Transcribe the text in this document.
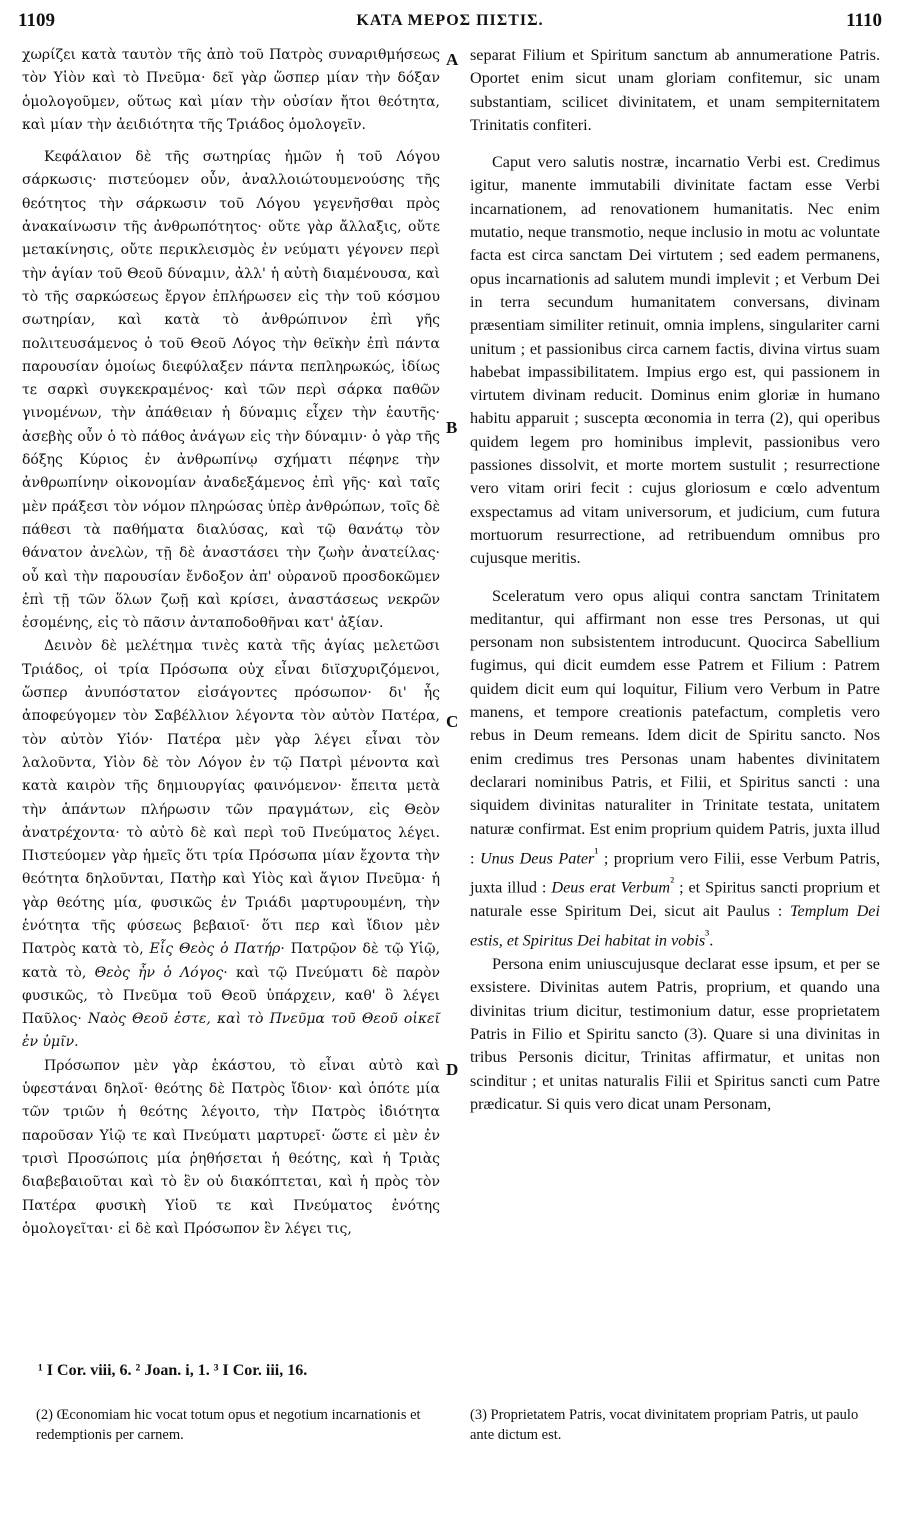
1109	ΚΑΤΑ ΜΕΡΟΣ ΠΙΣΤΙΣ.	1110

χωρίζει κατὰ ταυτὸν τῆς ἀπὸ τοῦ Πατρὸς συναριθμήσεως τὸν Υἱὸν καὶ τὸ Πνεῦμα· δεῖ γὰρ ὥσπερ μίαν τὴν δόξαν ὁμολογοῦμεν, οὕτως καὶ μίαν τὴν οὐσίαν ἤτοι θεότητα, καὶ μίαν τὴν ἀειδιότητα τῆς Τριάδος ὁμολογεῖν.

Κεφάλαιον δὲ τῆς σωτηρίας ἡμῶν ἡ τοῦ Λόγου σάρκωσις· πιστεύομεν οὖν, ἀναλλοιώτουμενούσης τῆς θεότητος τὴν σάρκωσιν τοῦ Λόγου γεγενῆσθαι πρὸς ἀνακαίνωσιν τῆς ἀνθρωπότητος· οὔτε γὰρ ἄλλαξις, οὔτε μετακίνησις, οὔτε περικλεισμὸς ἐν νεύματι γέγονεν περὶ τὴν ἁγίαν τοῦ Θεοῦ δύναμιν, ἀλλ' ἡ αὐτὴ διαμένουσα, καὶ τὸ τῆς σαρκώσεως ἔργον ἐπλήρωσεν εἰς τὴν τοῦ κόσμου σωτηρίαν, καὶ κατὰ τὸ ἀνθρώπινον ἐπὶ γῆς πολιτευσάμενος ὁ τοῦ Θεοῦ Λόγος τὴν θεϊκὴν ἐπὶ πάντα παρουσίαν ὁμοίως διεφύλαξεν πάντα πεπληρωκώς, ἰδίως τε σαρκὶ συγκεκραμένος· καὶ τῶν περὶ σάρκα παθῶν γινομένων, τὴν ἀπάθειαν ἡ δύναμις εἶχεν τὴν ἑαυτῆς· ἀσεβὴς οὖν ὁ τὸ πάθος ἀνάγων εἰς τὴν δύναμιν· ὁ γὰρ τῆς δόξης Κύριος ἐν ἀνθρωπίνῳ σχήματι πέφηνε τὴν ἀνθρωπίνην οἰκονομίαν ἀναδεξάμενος ἐπὶ γῆς· καὶ ταῖς μὲν πράξεσι τὸν νόμον πληρώσας ὑπὲρ ἀνθρώπων, τοῖς δὲ πάθεσι τὰ παθήματα διαλύσας, καὶ τῷ θανάτῳ τὸν θάνατον ἀνελὼν, τῇ δὲ ἀναστάσει τὴν ζωὴν ἀνατείλας· οὗ καὶ τὴν παρουσίαν ἔνδοξον ἀπ' οὐρανοῦ προσδοκῶμεν ἐπὶ τῇ τῶν ὅλων ζωῇ καὶ κρίσει, ἀναστάσεως νεκρῶν ἐσομένης, εἰς τὸ πᾶσιν ἀνταποδοθῆναι κατ' ἀξίαν.

Δεινὸν δὲ μελέτημα τινὲς κατὰ τῆς ἁγίας μελετῶσι Τριάδος, οἱ τρία Πρόσωπα οὐχ εἶναι διϊσχυριζόμενοι, ὥσπερ ἀνυπόστατον εἰσάγοντες πρόσωπον· δι' ἧς ἀποφεύγομεν τὸν Σαβέλλιον λέγοντα τὸν αὐτὸν Πατέρα, τὸν αὐτὸν Υἱόν· Πατέρα μὲν γὰρ λέγει εἶναι τὸν λαλοῦντα, Υἱὸν δὲ τὸν Λόγον ἐν τῷ Πατρὶ μένοντα καὶ κατὰ καιρὸν τῆς δημιουργίας φαινόμενον· ἔπειτα μετὰ τὴν ἁπάντων πλήρωσιν τῶν πραγμάτων, εἰς Θεὸν ἀνατρέχοντα· τὸ αὐτὸ δὲ καὶ περὶ τοῦ Πνεύματος λέγει. Πιστεύομεν γὰρ ἡμεῖς ὅτι τρία Πρόσωπα μίαν ἔχοντα τὴν θεότητα δηλοῦνται, Πατὴρ καὶ Υἱὸς καὶ ἅγιον Πνεῦμα· ἡ γὰρ θεότης μία, φυσικῶς ἐν Τριάδι μαρτυρουμένη, τὴν ἑνότητα τῆς φύσεως βεβαιοῖ· ὅτι περ καὶ ἴδιον μὲν Πατρὸς κατὰ τὸ, Εἷς Θεὸς ὁ Πατήρ· Πατρῷον δὲ τῷ Υἱῷ, κατὰ τὸ, Θεὸς ἦν ὁ Λόγος· καὶ τῷ Πνεύματι δὲ παρὸν φυσικῶς, τὸ Πνεῦμα τοῦ Θεοῦ ὑπάρχειν, καθ' ὃ λέγει Παῦλος· Ναὸς Θεοῦ ἐστε, καὶ τὸ Πνεῦμα τοῦ Θεοῦ οἰκεῖ ἐν ὑμῖν.

Πρόσωπον μὲν γὰρ ἑκάστου, τὸ εἶναι αὐτὸ καὶ ὑφεστάναι δηλοῖ· θεότης δὲ Πατρὸς ἴδιον· καὶ ὁπότε μία τῶν τριῶν ἡ θεότης λέγοιτο, τὴν Πατρὸς ἰδιότητα παροῦσαν Υἱῷ τε καὶ Πνεύματι μαρτυρεῖ· ὥστε εἰ μὲν ἐν τρισὶ Προσώποις μία ῥηθήσεται ἡ θεότης, καὶ ἡ Τριὰς διαβεβαιοῦται καὶ τὸ ἓν οὐ διακόπτεται, καὶ ἡ πρὸς τὸν Πατέρα φυσικὴ Υἱοῦ τε καὶ Πνεύματος ἑνότης ὁμολογεῖται· εἰ δὲ καὶ Πρόσωπον ἓν λέγει τις,

A
B
C
D

separat Filium et Spiritum sanctum ab annumeratione Patris. Oportet enim sicut unam gloriam confitemur, sic unam substantiam, scilicet divinitatem, et unam sempiternitatem Trinitatis confiteri.

Caput vero salutis nostræ, incarnatio Verbi est. Credimus igitur, manente immutabili divinitate factam esse Verbi incarnationem, ad renovationem humanitatis. Nec enim mutatio, neque transmotio, neque inclusio in motu ac voluntate facta est circa sanctam Dei virtutem ; sed eadem permanens, opus incarnationis ad salutem mundi implevit ; et Verbum Dei in terra secundum humanitatem conversans, divinam præsentiam similiter retinuit, omnia implens, singulariter carni unitum ; et passionibus circa carnem factis, divina virtus suam habebat impassibilitatem. Impius ergo est, qui passionem in virtutem divinam reducit. Dominus enim gloriæ in humano habitu apparuit ; suscepta œconomia in terra (2), qui operibus quidem legem pro hominibus implevit, passionibus vero passiones dissolvit, et morte mortem sustulit ; resurrectione vero vitam oriri fecit : cujus gloriosum e cœlo adventum exspectamus ad vitam universorum, et judicium, cum futura mortuorum resurrectione, ad retribuendum omnibus pro cujusque meritis.

Sceleratum vero opus aliqui contra sanctam Trinitatem meditantur, qui affirmant non esse tres Personas, ut qui personam non subsistentem introducunt. Quocirca Sabellium fugimus, qui dicit eumdem esse Patrem et Filium : Patrem quidem dicit eum qui loquitur, Filium vero Verbum in Patre manens, et tempore creationis patefactum, completis vero rebus in Deum remeans. Idem dicit de Spiritu sancto. Nos enim credimus tres Personas unam habentes divinitatem declarari nominibus Patris, et Filii, et Spiritus sancti : una siquidem divinitas naturaliter in Trinitate testata, unitatem naturæ confirmat. Est enim proprium quidem Patris, juxta illud : Unus Deus Pater$^{^1}$ ; proprium vero Filii, esse Verbum Patris, juxta illud : Deus erat Verbum$^{^2}$ ; et Spiritus sancti proprium et naturale esse Spiritum Dei, sicut ait Paulus : Templum Dei estis, et Spiritus Dei habitat in vobis$^{^3}$.

Persona enim uniuscujusque declarat esse ipsum, et per se exsistere. Divinitas autem Patris, proprium, et quando una divinitas trium dicitur, testimonium datur, esse proprietatem Patris in Filio et Spiritu sancto (3). Quare si una divinitas in tribus Personis dicitur, Trinitas affirmatur, et unitas non scinditur ; et unitas naturalis Filii et Spiritus sancti cum Patre prædicatur. Si quis vero dicat unam Personam,

¹ I Cor. viii, 6. ² Joan. i, 1. ³ I Cor. iii, 16.
(2) Œconomiam hic vocat totum opus et negotium incarnationis et redemptionis per carnem.
(3) Proprietatem Patris, vocat divinitatem propriam Patris, ut paulo ante dictum est.
